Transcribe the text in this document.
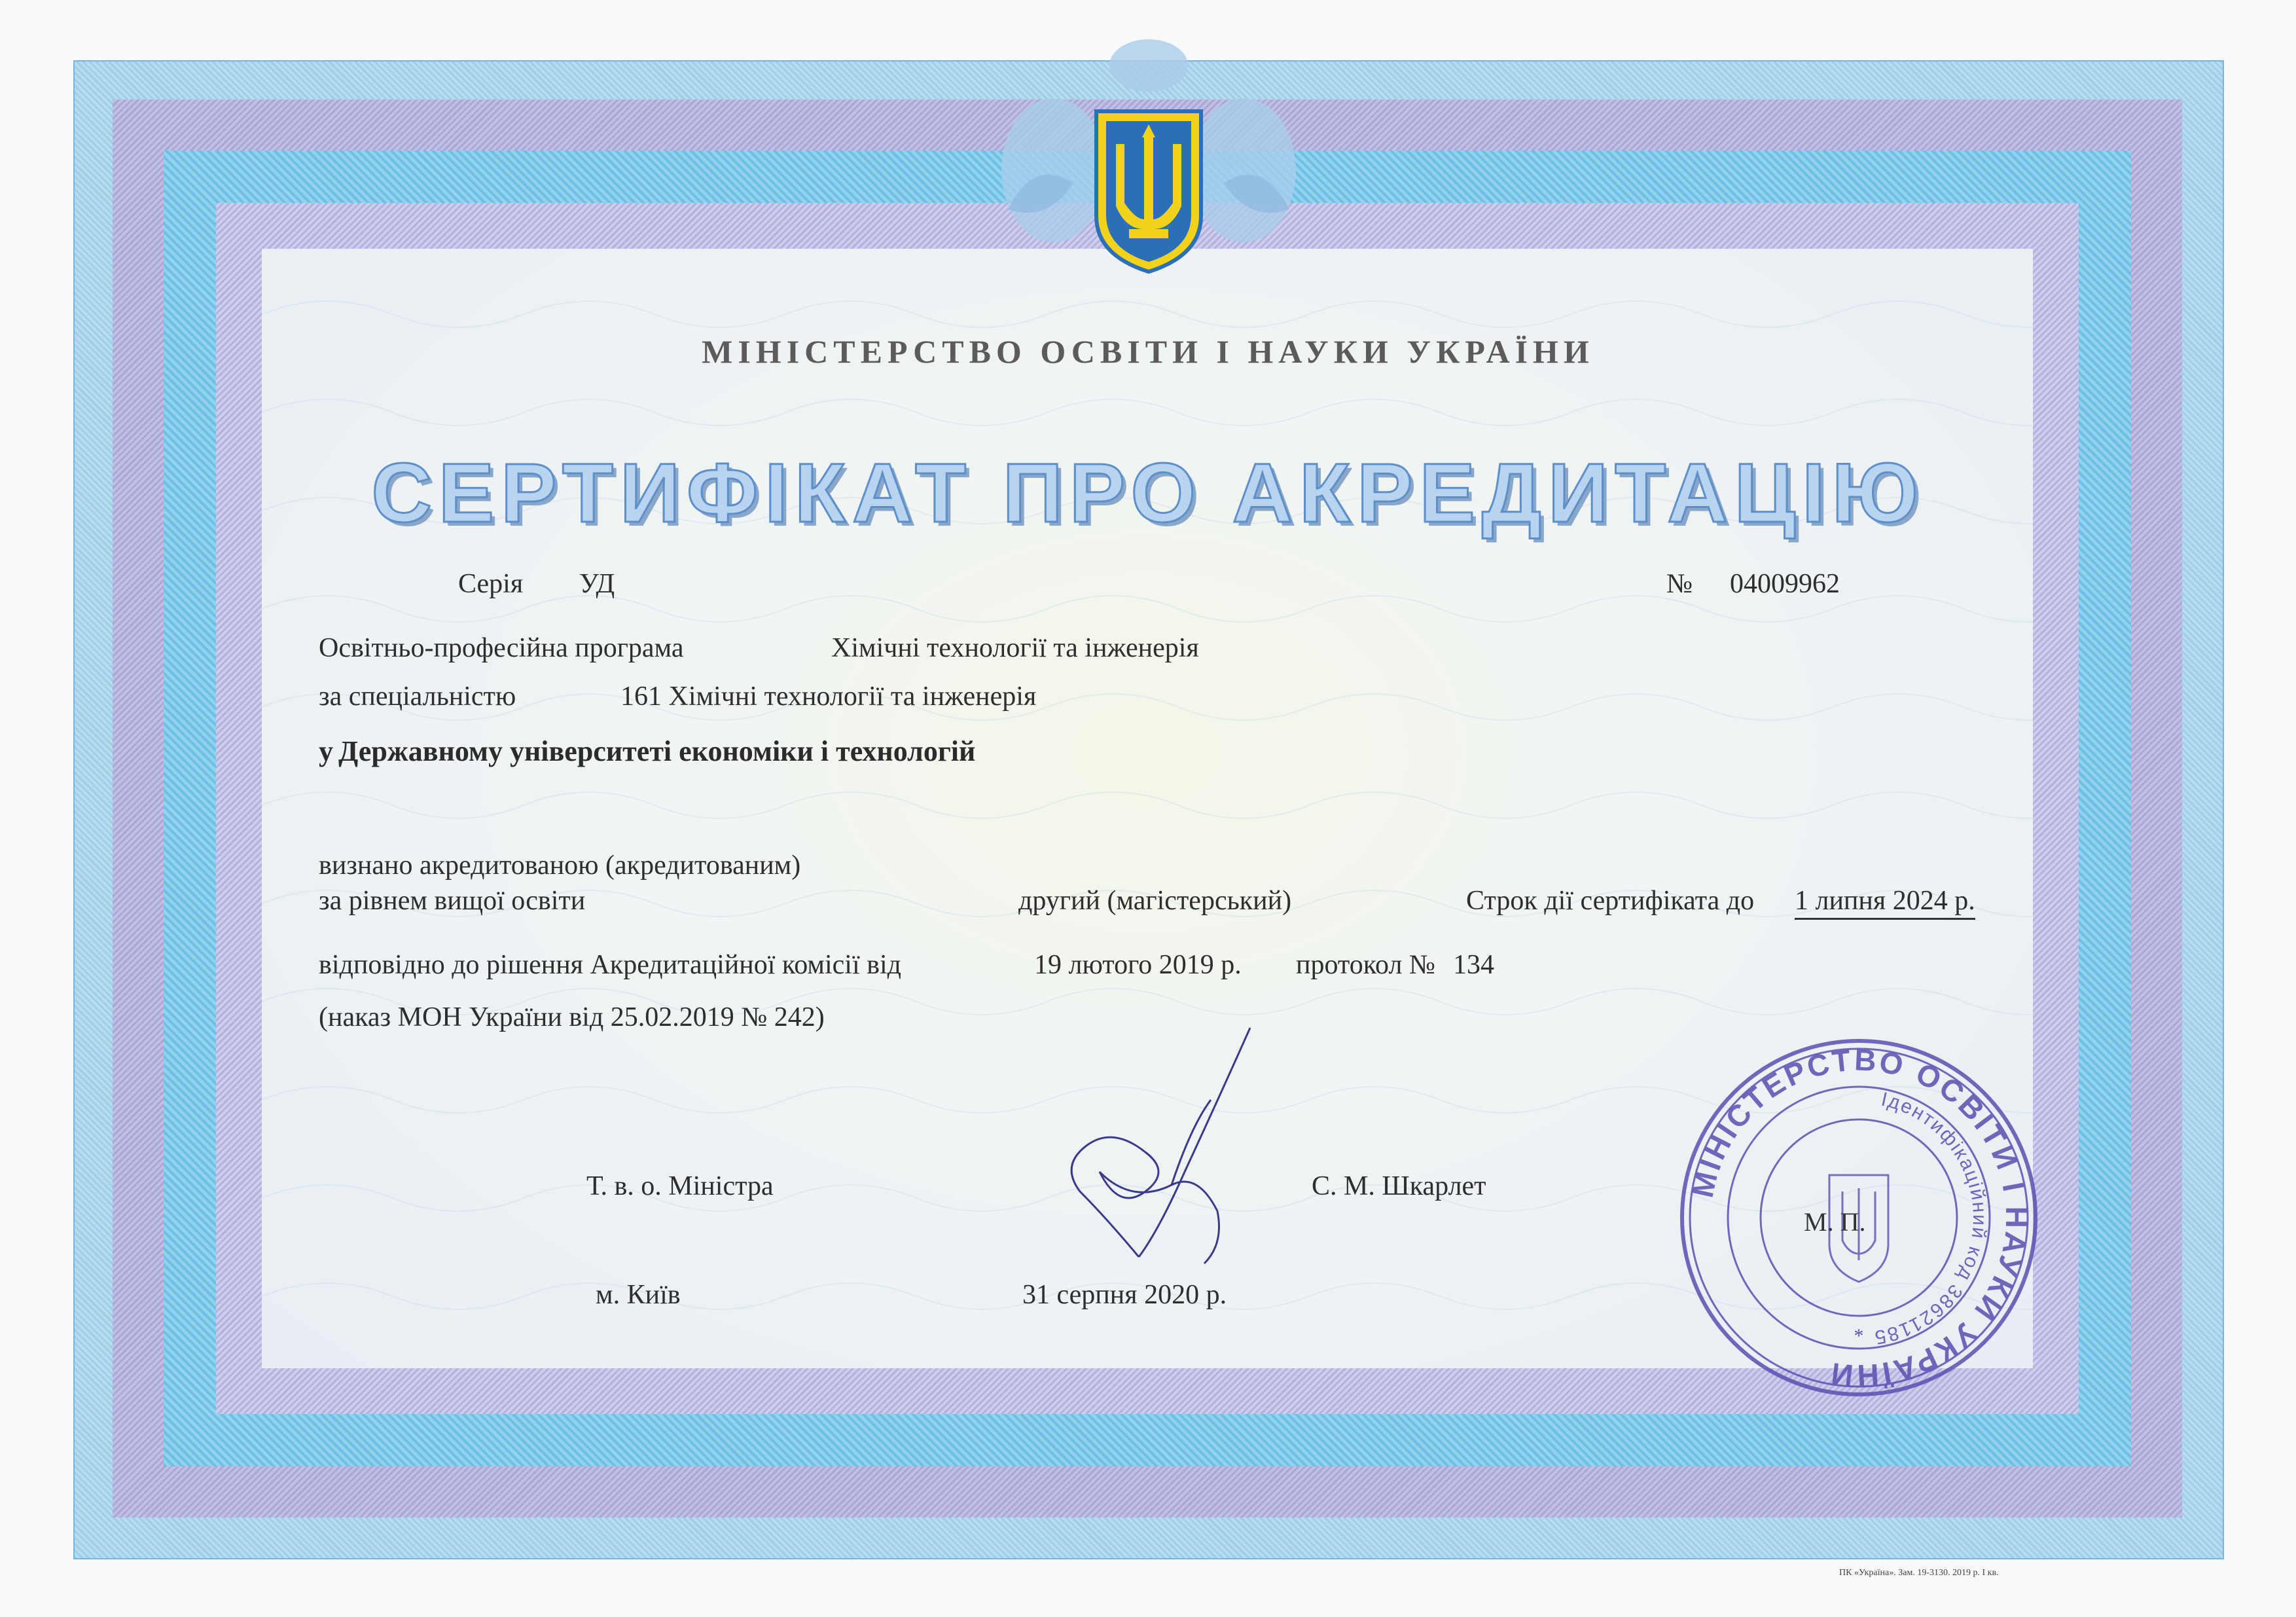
МІНІСТЕРСТВО ОСВІТИ І НАУКИ УКРАЇНИ
СЕРТИФІКАТ ПРО АКРЕДИТАЦІЮ
Серія УД	№ 04009962
Освітньо-професійна програма	Хімічні технології та інженерія
за спеціальністю	161 Хімічні технології та інженерія
у Державному університеті економіки і технологій
визнано акредитованою (акредитованим)
за рівнем вищої освіти	другий (магістерський)	Строк дії сертифіката до 1 липня 2024 р.
відповідно до рішення Акредитаційної комісії від	19 лютого 2019 р. протокол № 134
(наказ МОН України від 25.02.2019 № 242)
Т. в. о. Міністра	С. М. Шкарлет
м. Київ	31 серпня 2020 р.
МІНІСТЕРСТВО ОСВІТИ І НАУКИ УКРАЇНИ
Ідентифікаційний код 38621185
М. П.
*
ПК «Україна». Зам. 19-3130. 2019 р. I кв.
